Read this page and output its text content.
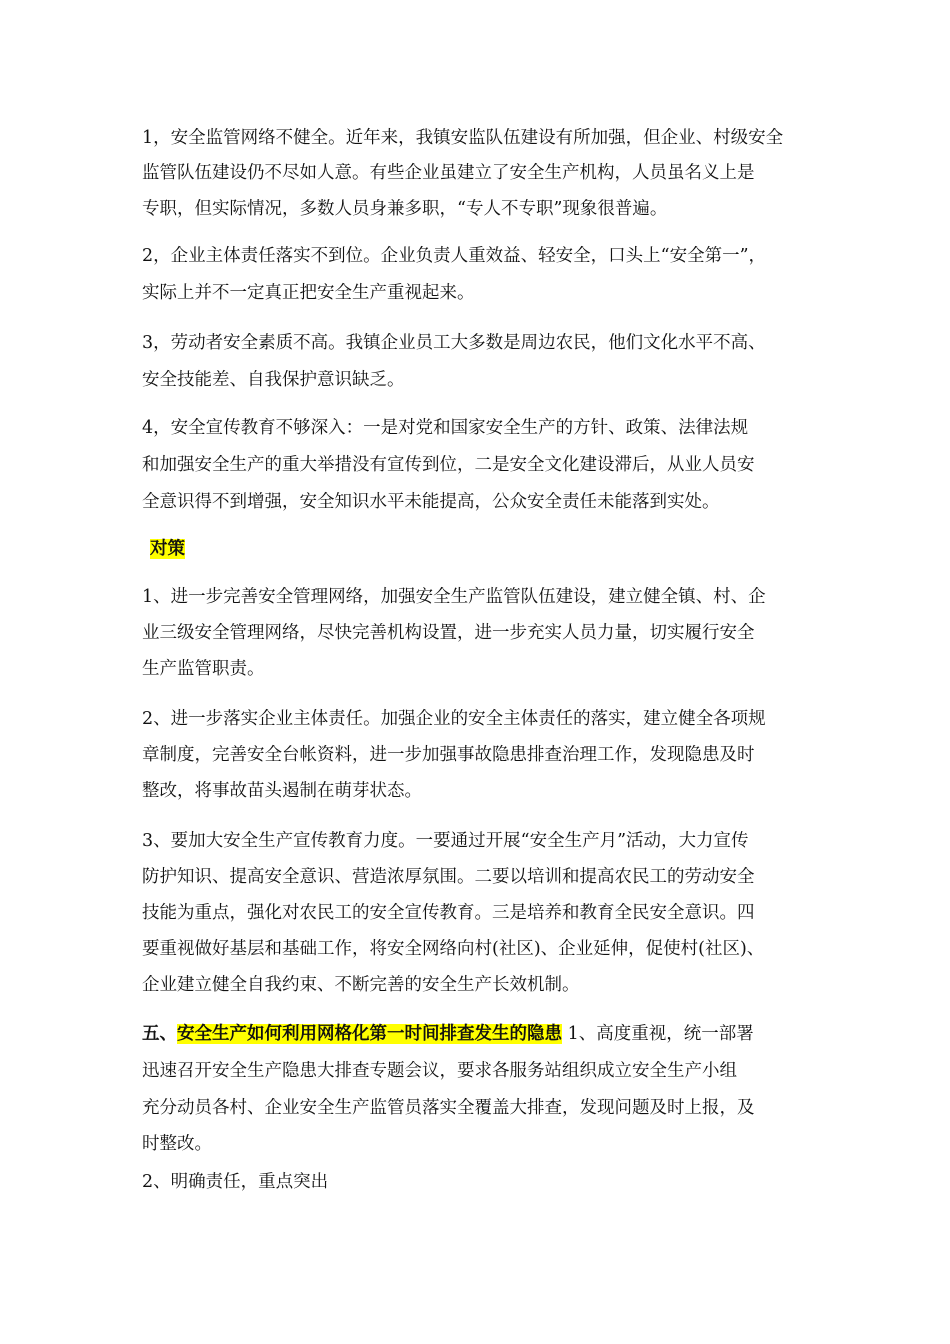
1，安全监管网络不健全。近年来，我镇安监队伍建设有所加强，但企业、村级安全
监管队伍建设仍不尽如人意。有些企业虽建立了安全生产机构，人员虽名义上是
专职，但实际情况，多数人员身兼多职，“专人不专职”现象很普遍。
2，企业主体责任落实不到位。企业负责人重效益、轻安全，口头上“安全第一”，
实际上并不一定真正把安全生产重视起来。
3，劳动者安全素质不高。我镇企业员工大多数是周边农民，他们文化水平不高、
安全技能差、自我保护意识缺乏。
4，安全宣传教育不够深入：一是对党和国家安全生产的方针、政策、法律法规
和加强安全生产的重大举措没有宣传到位，二是安全文化建设滞后，从业人员安
全意识得不到增强，安全知识水平未能提高，公众安全责任未能落到实处。
对策
1、进一步完善安全管理网络，加强安全生产监管队伍建设，建立健全镇、村、企
业三级安全管理网络，尽快完善机构设置，进一步充实人员力量，切实履行安全
生产监管职责。
2、进一步落实企业主体责任。加强企业的安全主体责任的落实，建立健全各项规
章制度，完善安全台帐资料，进一步加强事故隐患排查治理工作，发现隐患及时
整改，将事故苗头遏制在萌芽状态。
3、要加大安全生产宣传教育力度。一要通过开展“安全生产月”活动，大力宣传
防护知识、提高安全意识、营造浓厚氛围。二要以培训和提高农民工的劳动安全
技能为重点，强化对农民工的安全宣传教育。三是培养和教育全民安全意识。四
要重视做好基层和基础工作，将安全网络向村(社区)、企业延伸，促使村(社区)、
企业建立健全自我约束、不断完善的安全生产长效机制。
五、安全生产如何利用网格化第一时间排查发生的隐患 1、高度重视，统一部署
迅速召开安全生产隐患大排查专题会议，要求各服务站组织成立安全生产小组
充分动员各村、企业安全生产监管员落实全覆盖大排查，发现问题及时上报，及
时整改。
2、明确责任，重点突出
